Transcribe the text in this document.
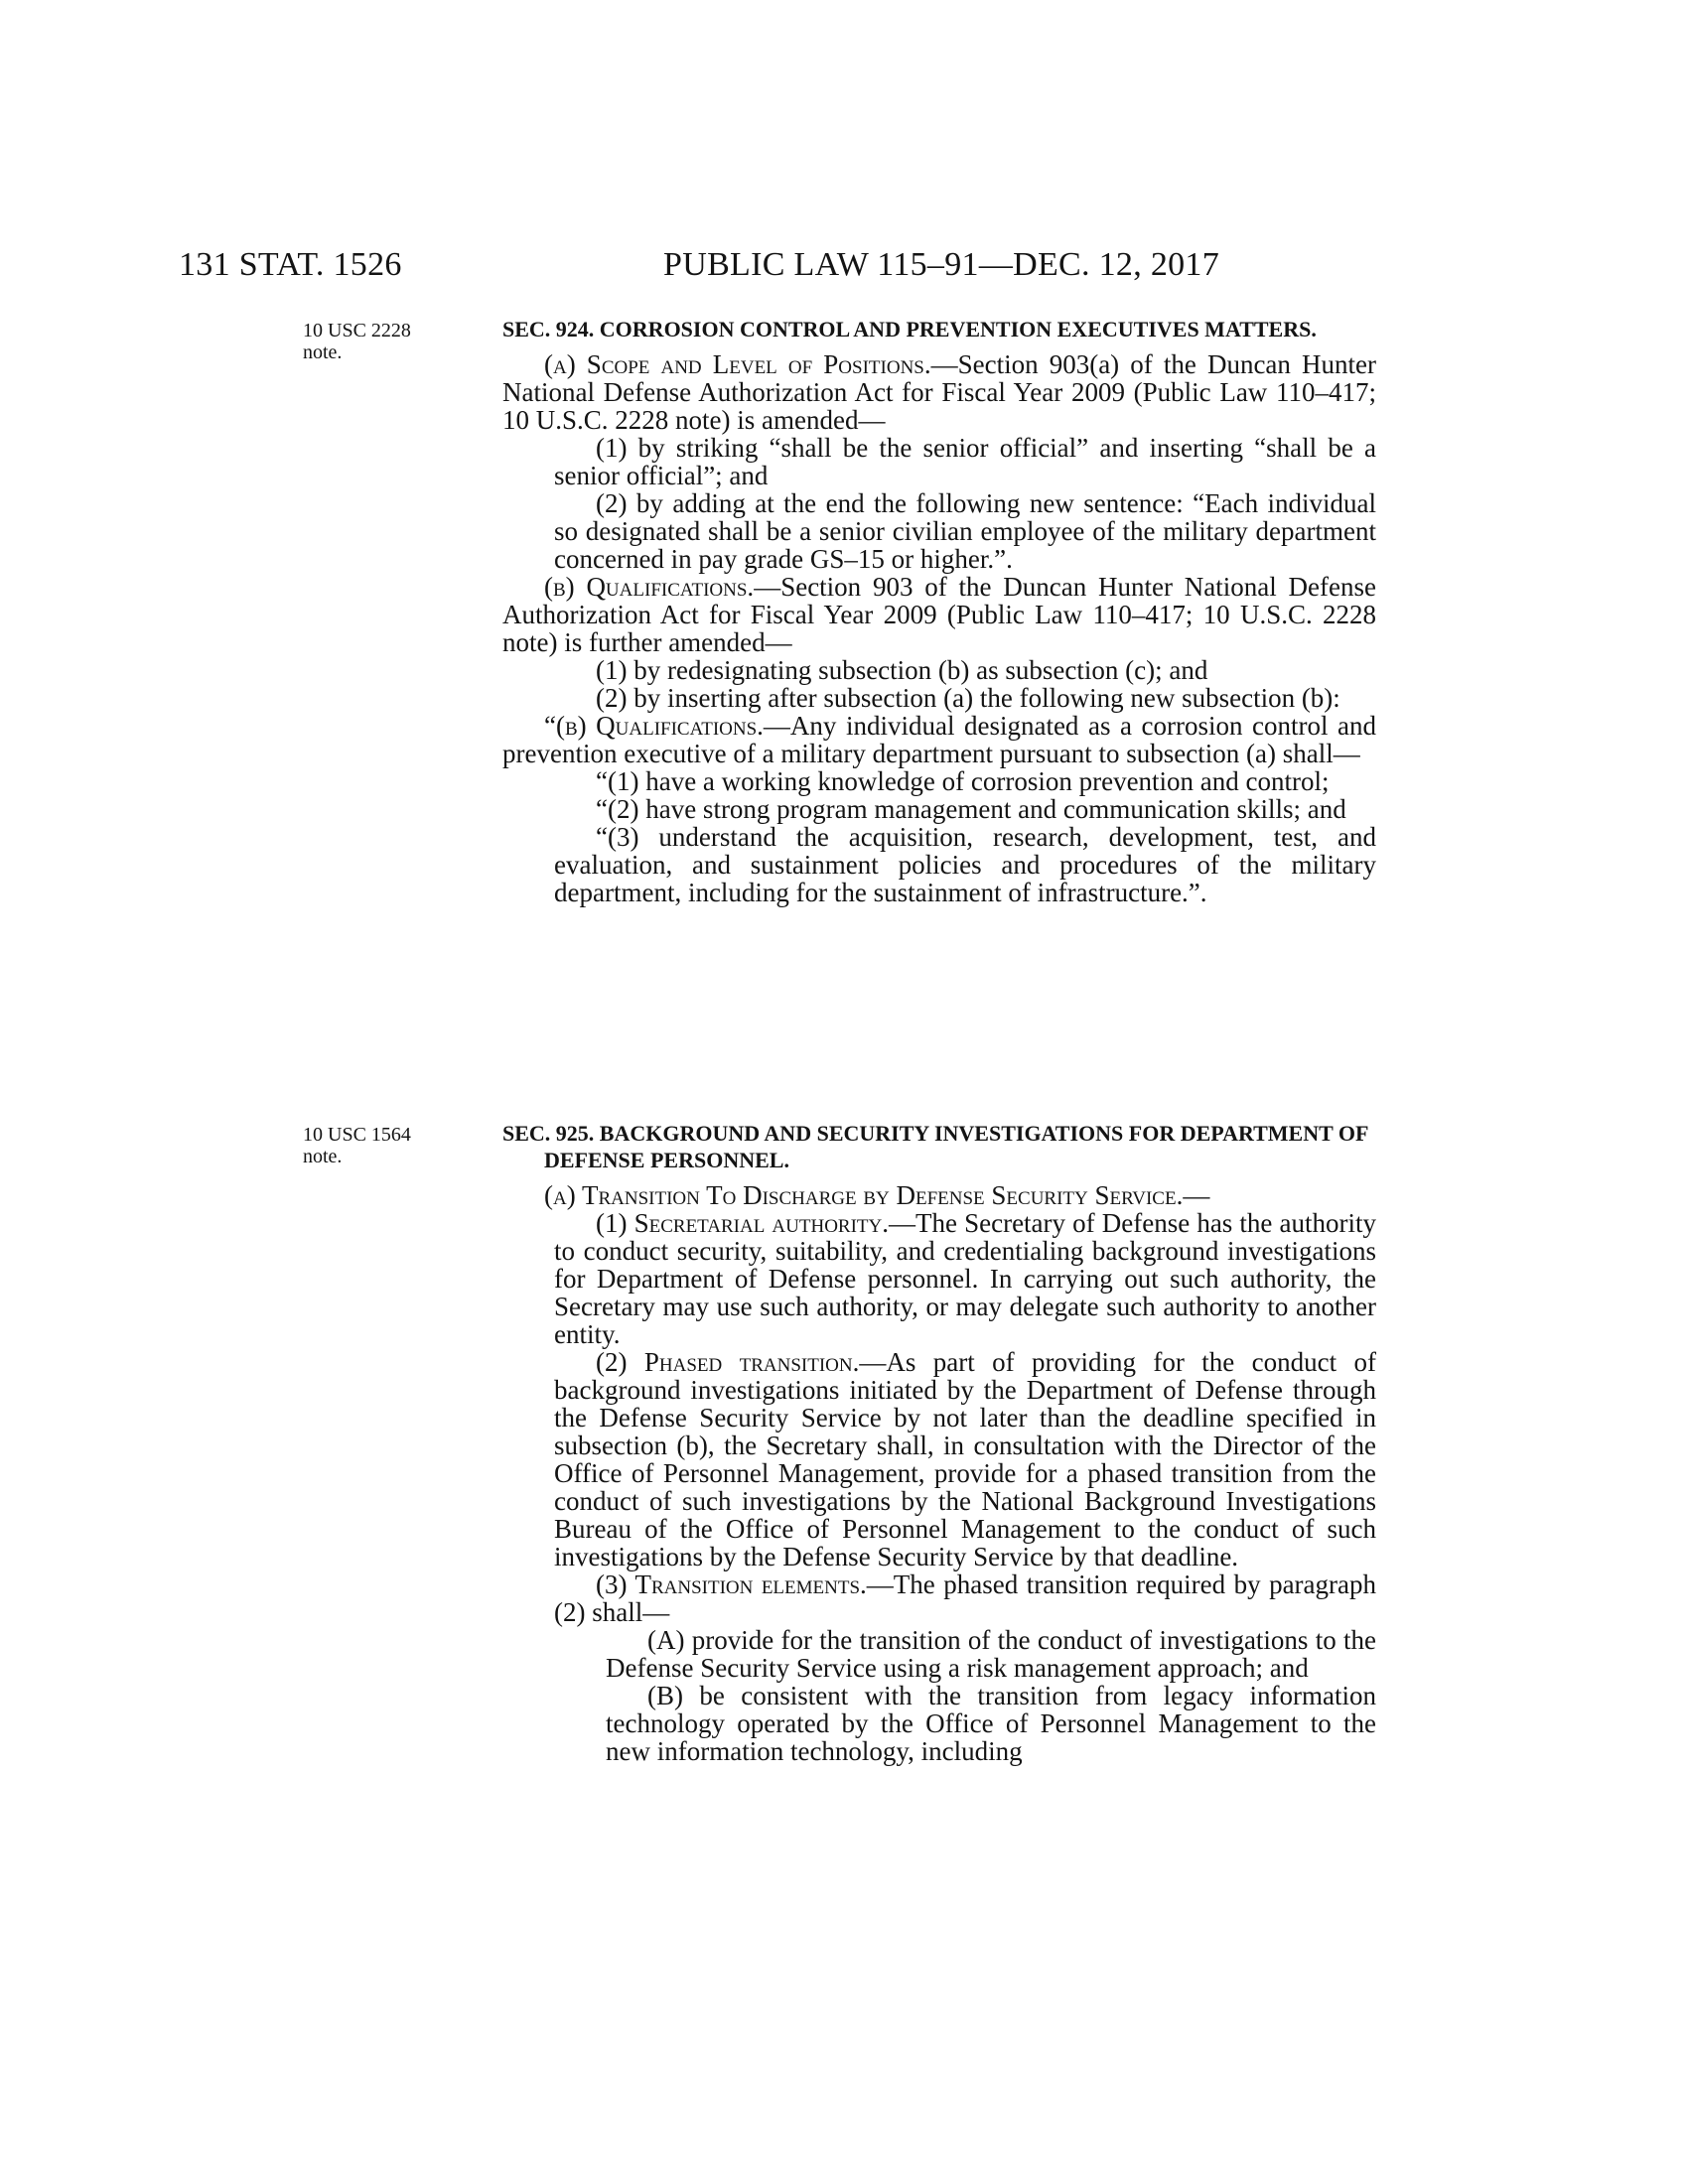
131 STAT. 1526	PUBLIC LAW 115–91—DEC. 12, 2017
10 USC 2228
note.
SEC. 924. CORROSION CONTROL AND PREVENTION EXECUTIVES MATTERS.

(a) Scope and Level of Positions.—Section 903(a) of the Duncan Hunter National Defense Authorization Act for Fiscal Year 2009 (Public Law 110–417; 10 U.S.C. 2228 note) is amended—

(1) by striking “shall be the senior official” and inserting “shall be a senior official”; and

(2) by adding at the end the following new sentence: “Each individual so designated shall be a senior civilian employee of the military department concerned in pay grade GS–15 or higher.”.

(b) Qualifications.—Section 903 of the Duncan Hunter National Defense Authorization Act for Fiscal Year 2009 (Public Law 110–417; 10 U.S.C. 2228 note) is further amended—

(1) by redesignating subsection (b) as subsection (c); and

(2) by inserting after subsection (a) the following new subsection (b):

“(b) Qualifications.—Any individual designated as a corrosion control and prevention executive of a military department pursuant to subsection (a) shall—

“(1) have a working knowledge of corrosion prevention and control;

“(2) have strong program management and communication skills; and

“(3) understand the acquisition, research, development, test, and evaluation, and sustainment policies and procedures of the military department, including for the sustainment of infrastructure.”.

10 USC 1564
note.
SEC. 925. BACKGROUND AND SECURITY INVESTIGATIONS FOR DEPARTMENT OF DEFENSE PERSONNEL.

(a) Transition To Discharge by Defense Security Service.—

(1) Secretarial authority.—The Secretary of Defense has the authority to conduct security, suitability, and credentialing background investigations for Department of Defense personnel. In carrying out such authority, the Secretary may use such authority, or may delegate such authority to another entity.

(2) Phased transition.—As part of providing for the conduct of background investigations initiated by the Department of Defense through the Defense Security Service by not later than the deadline specified in subsection (b), the Secretary shall, in consultation with the Director of the Office of Personnel Management, provide for a phased transition from the conduct of such investigations by the National Background Investigations Bureau of the Office of Personnel Management to the conduct of such investigations by the Defense Security Service by that deadline.

(3) Transition elements.—The phased transition required by paragraph (2) shall—

(A) provide for the transition of the conduct of investigations to the Defense Security Service using a risk management approach; and

(B) be consistent with the transition from legacy information technology operated by the Office of Personnel Management to the new information technology, including
